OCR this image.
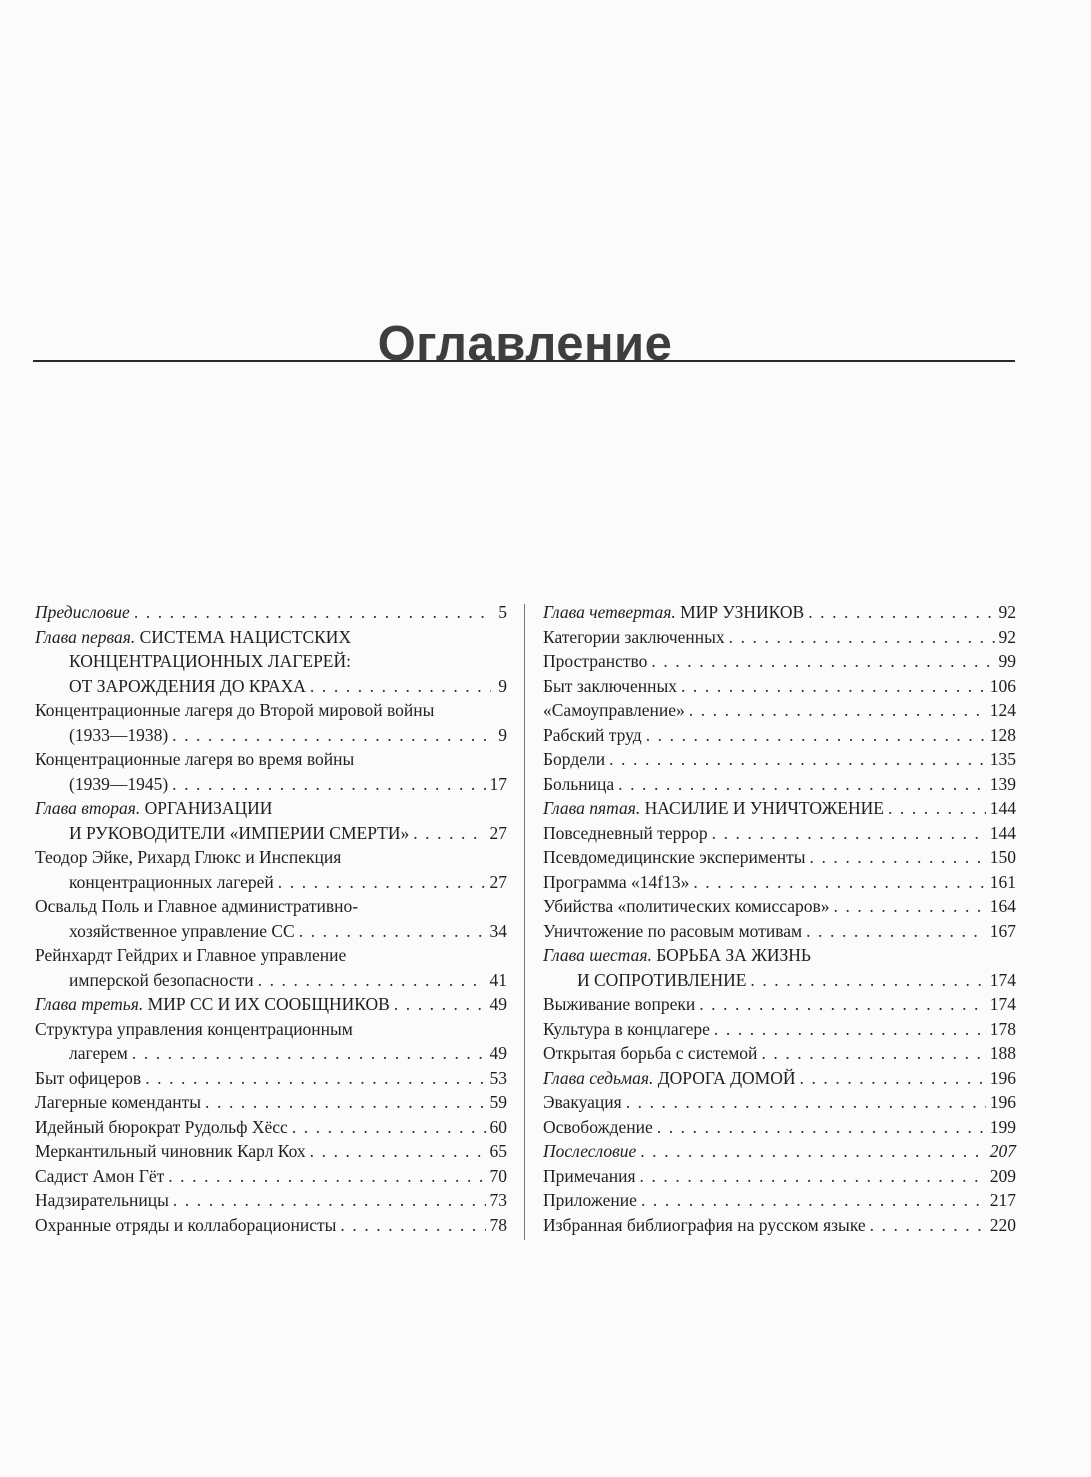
Оглавление
Предисловие . . .	5
Глава первая. СИСТЕМА НАЦИСТСКИХ
КОНЦЕНТРАЦИОННЫХ ЛАГЕРЕЙ:
ОТ ЗАРОЖДЕНИЯ ДО КРАХА . . .	9
Концентрационные лагеря до Второй мировой войны
(1933—1938) . . .	9
Концентрационные лагеря во время войны
(1939—1945) . . .	17
Глава вторая. ОРГАНИЗАЦИИ
И РУКОВОДИТЕЛИ «ИМПЕРИИ СМЕРТИ» . . .	27
Теодор Эйке, Рихард Глюкс и Инспекция
концентрационных лагерей . . .	27
Освальд Поль и Главное административно-
хозяйственное управление СС . . .	34
Рейнхардт Гейдрих и Главное управление
имперской безопасности . . .	41
Глава третья. МИР СС И ИХ СООБЩНИКОВ . . .	49
Структура управления концентрационным
лагерем . . .	49
Быт офицеров . . .	53
Лагерные коменданты . . .	59
Идейный бюрократ Рудольф Хёсс . . .	60
Меркантильный чиновник Карл Кох . . .	65
Садист Амон Гёт . . .	70
Надзирательницы . . .	73
Охранные отряды и коллаборационисты . . .	78
Глава четвертая. МИР УЗНИКОВ . . .	92
Категории заключенных . . .	92
Пространство . . .	99
Быт заключенных . . .	106
«Самоуправление» . . .	124
Рабский труд . . .	128
Бордели . . .	135
Больница . . .	139
Глава пятая. НАСИЛИЕ И УНИЧТОЖЕНИЕ . . .	144
Повседневный террор . . .	144
Псевдомедицинские эксперименты . . .	150
Программа «14f13» . . .	161
Убийства «политических комиссаров» . . .	164
Уничтожение по расовым мотивам . . .	167
Глава шестая. БОРЬБА ЗА ЖИЗНЬ
И СОПРОТИВЛЕНИЕ . . .	174
Выживание вопреки . . .	174
Культура в концлагере . . .	178
Открытая борьба с системой . . .	188
Глава седьмая. ДОРОГА ДОМОЙ . . .	196
Эвакуация . . .	196
Освобождение . . .	199
Послесловие . . .	207
Примечания . . .	209
Приложение . . .	217
Избранная библиография на русском языке . . .	220
